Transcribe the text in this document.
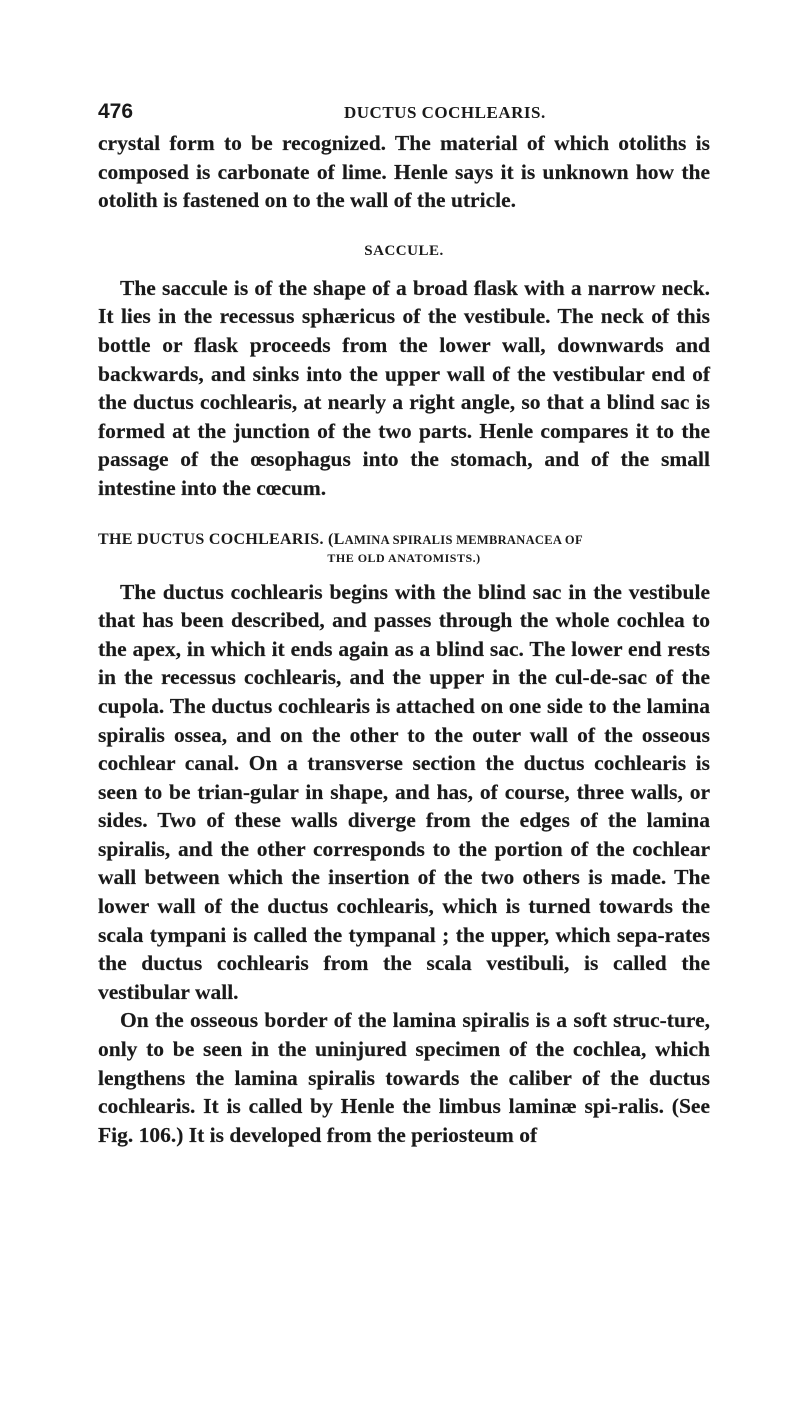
476	DUCTUS COCHLEARIS.

crystal form to be recognized. The material of which otoliths is composed is carbonate of lime. Henle says it is unknown how the otolith is fastened on to the wall of the utricle.

SACCULE.

The saccule is of the shape of a broad flask with a narrow neck. It lies in the recessus sphæricus of the vestibule. The neck of this bottle or flask proceeds from the lower wall, downwards and backwards, and sinks into the upper wall of the vestibular end of the ductus cochlearis, at nearly a right angle, so that a blind sac is formed at the junction of the two parts. Henle compares it to the passage of the œsophagus into the stomach, and of the small intestine into the cœcum.

THE DUCTUS COCHLEARIS. (LAMINA SPIRALIS MEMBRANACEA OF

THE OLD ANATOMISTS.)

The ductus cochlearis begins with the blind sac in the vestibule that has been described, and passes through the whole cochlea to the apex, in which it ends again as a blind sac. The lower end rests in the recessus cochlearis, and the upper in the cul-de-sac of the cupola. The ductus cochlearis is attached on one side to the lamina spiralis ossea, and on the other to the outer wall of the osseous cochlear canal. On a transverse section the ductus cochlearis is seen to be trian-gular in shape, and has, of course, three walls, or sides. Two of these walls diverge from the edges of the lamina spiralis, and the other corresponds to the portion of the cochlear wall between which the insertion of the two others is made. The lower wall of the ductus cochlearis, which is turned towards the scala tympani is called the tympanal ; the upper, which sepa-rates the ductus cochlearis from the scala vestibuli, is called the vestibular wall.

On the osseous border of the lamina spiralis is a soft struc-ture, only to be seen in the uninjured specimen of the cochlea, which lengthens the lamina spiralis towards the caliber of the ductus cochlearis. It is called by Henle the limbus laminæ spi-ralis. (See Fig. 106.) It is developed from the periosteum of
